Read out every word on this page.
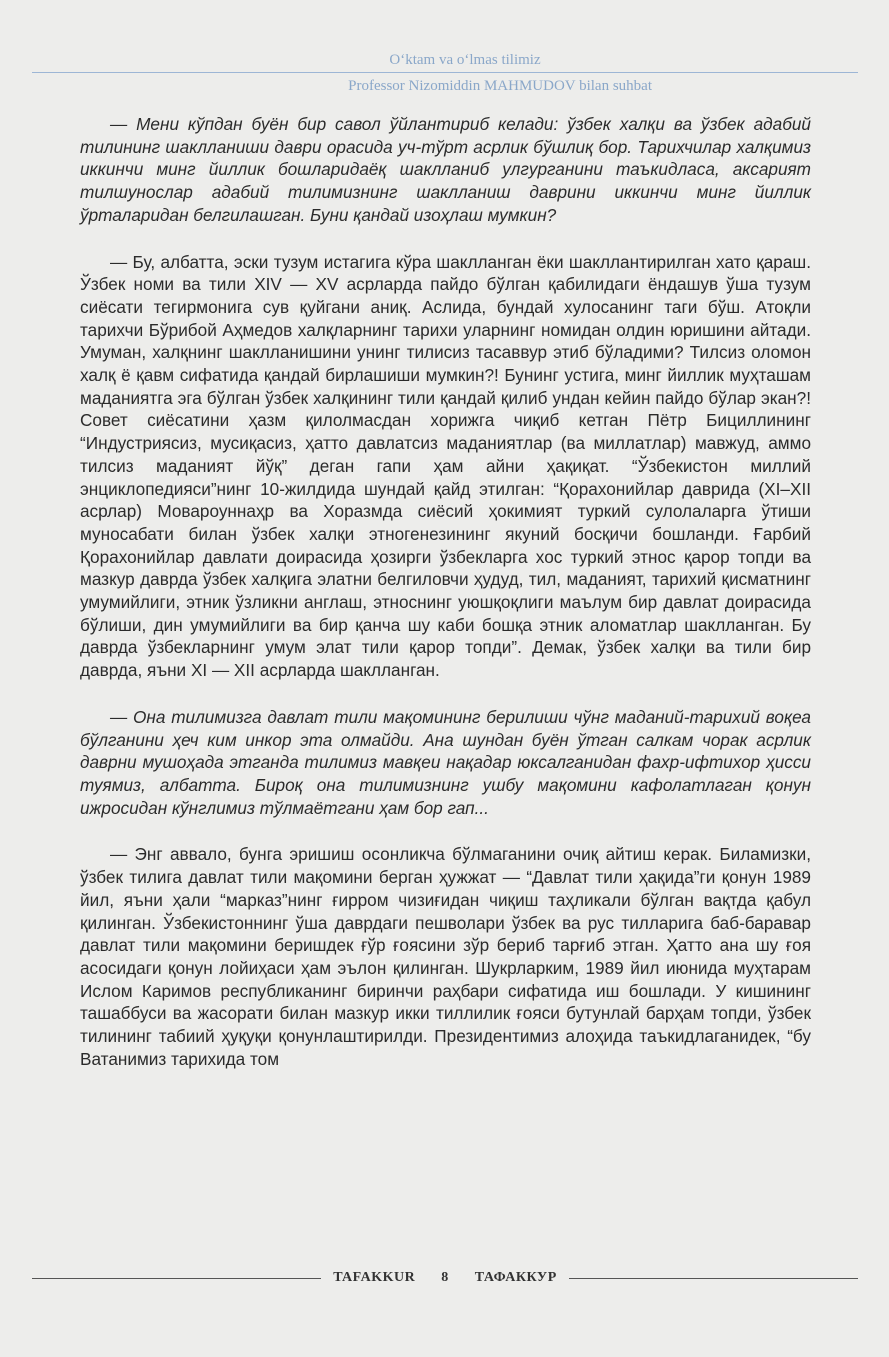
O‘ktam va o‘lmas tilimiz
Professor Nizomiddin MAHMUDOV bilan suhbat

— Мени кўпдан буён бир савол ўйлантириб келади: ўзбек халқи ва ўзбек адабий тилининг шаклланиши даври орасида уч-тўрт асрлик бўшлиқ бор. Тарихчилар халқимиз иккинчи минг йиллик бошларидаёқ шаклланиб улгурганини таъкидласа, аксарият тилшунослар адабий тилимизнинг шаклланиш даврини иккинчи минг йиллик ўрталаридан белгилашган. Буни қандай изоҳлаш мумкин?

— Бу, албатта, эски тузум истагига кўра шаклланган ёки шакллантирилган хато қараш. Ўзбек номи ва тили XIV — XV асрларда пайдо бўлган қабилидаги ёндашув ўша тузум сиёсати тегирмонига сув қуйгани аниқ. Аслида, бундай хулосанинг таги бўш. Атоқли тарихчи Бўрибой Аҳмедов халқларнинг тарихи уларнинг номидан олдин юришини айтади. Умуман, халқнинг шаклланишини унинг тилисиз тасаввур этиб бўладими? Тилсиз оломон халқ ё қавм сифатида қандай бирлашиши мумкин?! Бунинг устига, минг йиллик муҳташам маданиятга эга бўлган ўзбек халқининг тили қандай қилиб ундан кейин пайдо бўлар экан?! Совет сиёсатини ҳазм қилолмасдан хорижга чиқиб кетган Пётр Бициллининг “Индустриясиз, мусиқасиз, ҳатто давлатсиз маданиятлар (ва миллатлар) мавжуд, аммо тилсиз маданият йўқ” деган гапи ҳам айни ҳақиқат. “Ўзбекистон миллий энциклопедияси”нинг 10-жилдида шундай қайд этилган: “Қорахонийлар даврида (XI–XII асрлар) Мовароуннаҳр ва Хоразмда сиёсий ҳокимият туркий сулолаларга ўтиши муносабати билан ўзбек халқи этногенезининг якуний босқичи бошланди. Ғарбий Қорахонийлар давлати доирасида ҳозирги ўзбекларга хос туркий этнос қарор топди ва мазкур даврда ўзбек халқига элатни белгиловчи ҳудуд, тил, маданият, тарихий қисматнинг умумийлиги, этник ўзликни англаш, этноснинг уюшқоқлиги маълум бир давлат доирасида бўлиши, дин умумийлиги ва бир қанча шу каби бошқа этник аломатлар шаклланган. Бу даврда ўзбекларнинг умум элат тили қарор топди”. Демак, ўзбек халқи ва тили бир даврда, яъни XI — XII асрларда шаклланган.

— Она тилимизга давлат тили мақомининг берилиши чўнг маданий-тарихий воқеа бўлганини ҳеч ким инкор эта олмайди. Ана шундан буён ўтган салкам чорак асрлик даврни мушоҳада этганда тилимиз мавқеи нақадар юксалганидан фахр-ифтихор ҳисси туямиз, албатта. Бироқ она тилимизнинг ушбу мақомини кафолатлаган қонун ижросидан кўнглимиз тўлмаётгани ҳам бор гап...

— Энг аввало, бунга эришиш осонликча бўлмаганини очиқ айтиш керак. Биламизки, ўзбек тилига давлат тили мақомини берган ҳужжат — “Давлат тили ҳақида”ги қонун 1989 йил, яъни ҳали “марказ”нинг ғирром чизиғидан чиқиш таҳликали бўлган вақтда қабул қилинган. Ўзбекистоннинг ўша даврдаги пешволари ўзбек ва рус тилларига баб-баравар давлат тили мақомини беришдек ғўр ғоясини зўр бериб тарғиб этган. Ҳатто ана шу ғоя асосидаги қонун лойиҳаси ҳам эълон қилинган. Шукрларким, 1989 йил июнида муҳтарам Ислом Каримов республиканинг биринчи раҳбари сифатида иш бошлади. У кишининг ташаббуси ва жасорати билан мазкур икки тиллилик ғояси бутунлай барҳам топди, ўзбек тилининг табиий ҳуқуқи қонунлаштирилди. Президентимиз алоҳида таъкидлаганидек, “бу Ватанимиз тарихида том

TAFAKKUR	8	ТАФАККУР
